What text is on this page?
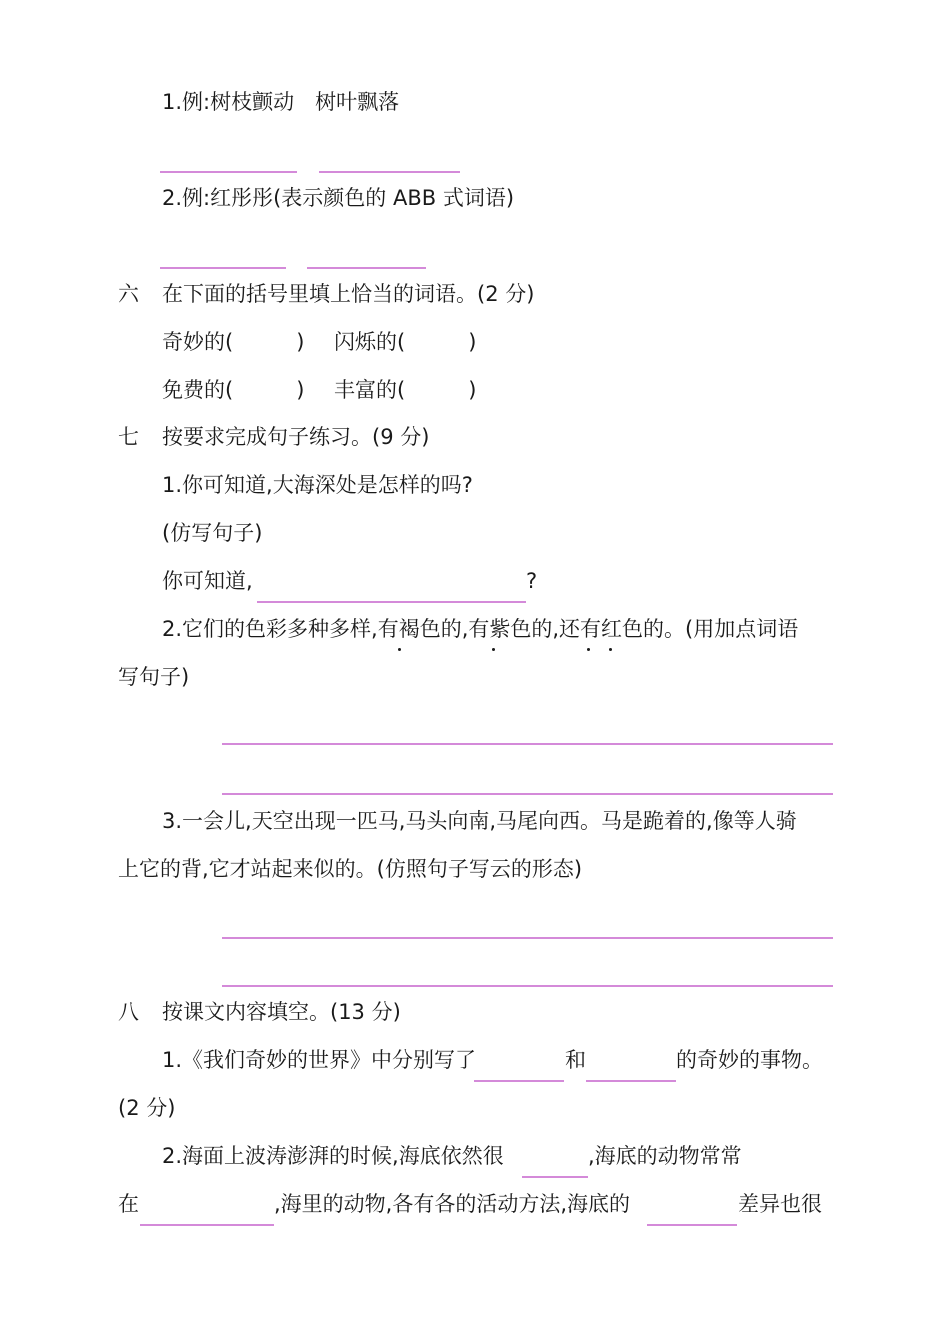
1.例:树枝颤动　树叶飘落
2.例:红彤彤(表示颜色的 ABB 式词语)
六 在下面的括号里填上恰当的词语。(2 分)
奇妙的(　　　) 闪烁的(　　　)
免费的(　　　) 丰富的(　　　)
七 按要求完成句子练习。(9 分)
1.你可知道,大海深处是怎样的吗?
(仿写句子)
你可知道,	?
2.它们的色彩多种多样,有褐色的,有紫色的,还有红色的。(用加点词语
写句子)
3.一会儿,天空出现一匹马,马头向南,马尾向西。马是跪着的,像等人骑
上它的背,它才站起来似的。(仿照句子写云的形态)
八 按课文内容填空。(13 分)
1.《我们奇妙的世界》中分别写了	和	的奇妙的事物。
(2 分)
2.海面上波涛澎湃的时候,海底依然很	,海底的动物常常
在	,海里的动物,各有各的活动方法,海底的	差异也很
